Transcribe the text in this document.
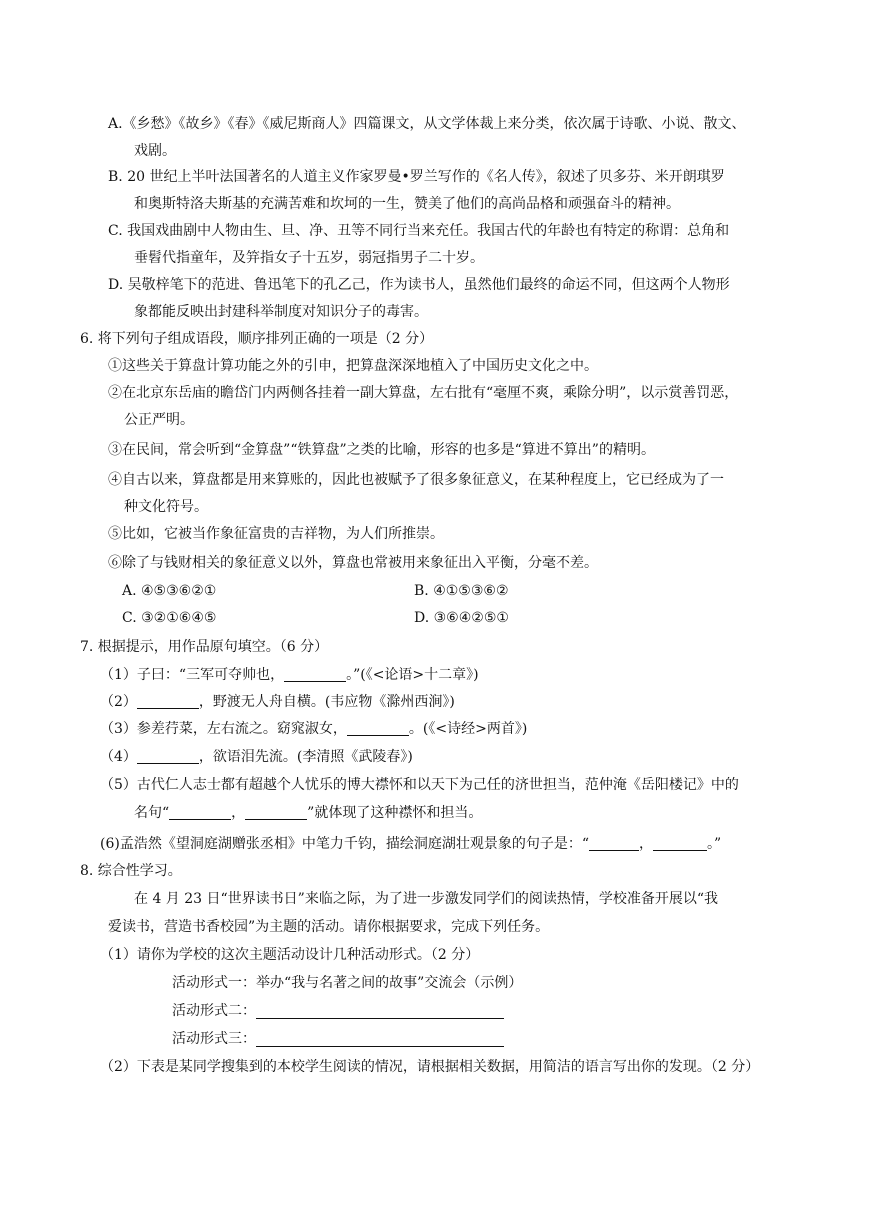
A.《乡愁》《故乡》《春》《威尼斯商人》四篇课文，从文学体裁上来分类，依次属于诗歌、小说、散文、
戏剧。
B. 20 世纪上半叶法国著名的人道主义作家罗曼•罗兰写作的《名人传》，叙述了贝多芬、米开朗琪罗
和奥斯特洛夫斯基的充满苦难和坎坷的一生，赞美了他们的高尚品格和顽强奋斗的精神。
C. 我国戏曲剧中人物由生、旦、净、丑等不同行当来充任。我国古代的年龄也有特定的称谓：总角和
垂髫代指童年，及笄指女子十五岁，弱冠指男子二十岁。
D. 吴敬梓笔下的范进、鲁迅笔下的孔乙己，作为读书人，虽然他们最终的命运不同，但这两个人物形
象都能反映出封建科举制度对知识分子的毒害。
6. 将下列句子组成语段，顺序排列正确的一项是（2 分）
①这些关于算盘计算功能之外的引申，把算盘深深地植入了中国历史文化之中。
②在北京东岳庙的瞻岱门内两侧各挂着一副大算盘，左右批有“毫厘不爽，乘除分明”，以示赏善罚恶，
公正严明。
③在民间，常会听到“金算盘”“铁算盘”之类的比喻，形容的也多是“算进不算出”的精明。
④自古以来，算盘都是用来算账的，因此也被赋予了很多象征意义，在某种程度上，它已经成为了一
种文化符号。
⑤比如，它被当作象征富贵的吉祥物，为人们所推崇。
⑥除了与钱财相关的象征意义以外，算盘也常被用来象征出入平衡，分毫不差。
A. ④⑤③⑥②①	B. ④①⑤③⑥②
C. ③②①⑥④⑤	D. ③⑥④②⑤①
7. 根据提示，用作品原句填空。（6 分）
（1）子曰：“三军可夺帅也，	。”(《<论语>十二章》)
（2）	，野渡无人舟自横。(韦应物《滁州西涧》)
（3）参差荇菜，左右流之。窈窕淑女，	。(《<诗经>两首》)
（4）	，欲语泪先流。(李清照《武陵春》)
（5）古代仁人志士都有超越个人忧乐的博大襟怀和以天下为己任的济世担当，范仲淹《岳阳楼记》中的
名句“	，	”就体现了这种襟怀和担当。
(6)孟浩然《望洞庭湖赠张丞相》中笔力千钧，描绘洞庭湖壮观景象的句子是：“	，	。”
8. 综合性学习。
在 4 月 23 日“世界读书日”来临之际，为了进一步激发同学们的阅读热情，学校准备开展以“我
爱读书，营造书香校园”为主题的活动。请你根据要求，完成下列任务。
（1）请你为学校的这次主题活动设计几种活动形式。（2 分）
活动形式一：举办“我与名著之间的故事”交流会（示例）
活动形式二：
活动形式三：
（2）下表是某同学搜集到的本校学生阅读的情况，请根据相关数据，用简洁的语言写出你的发现。（2 分）
